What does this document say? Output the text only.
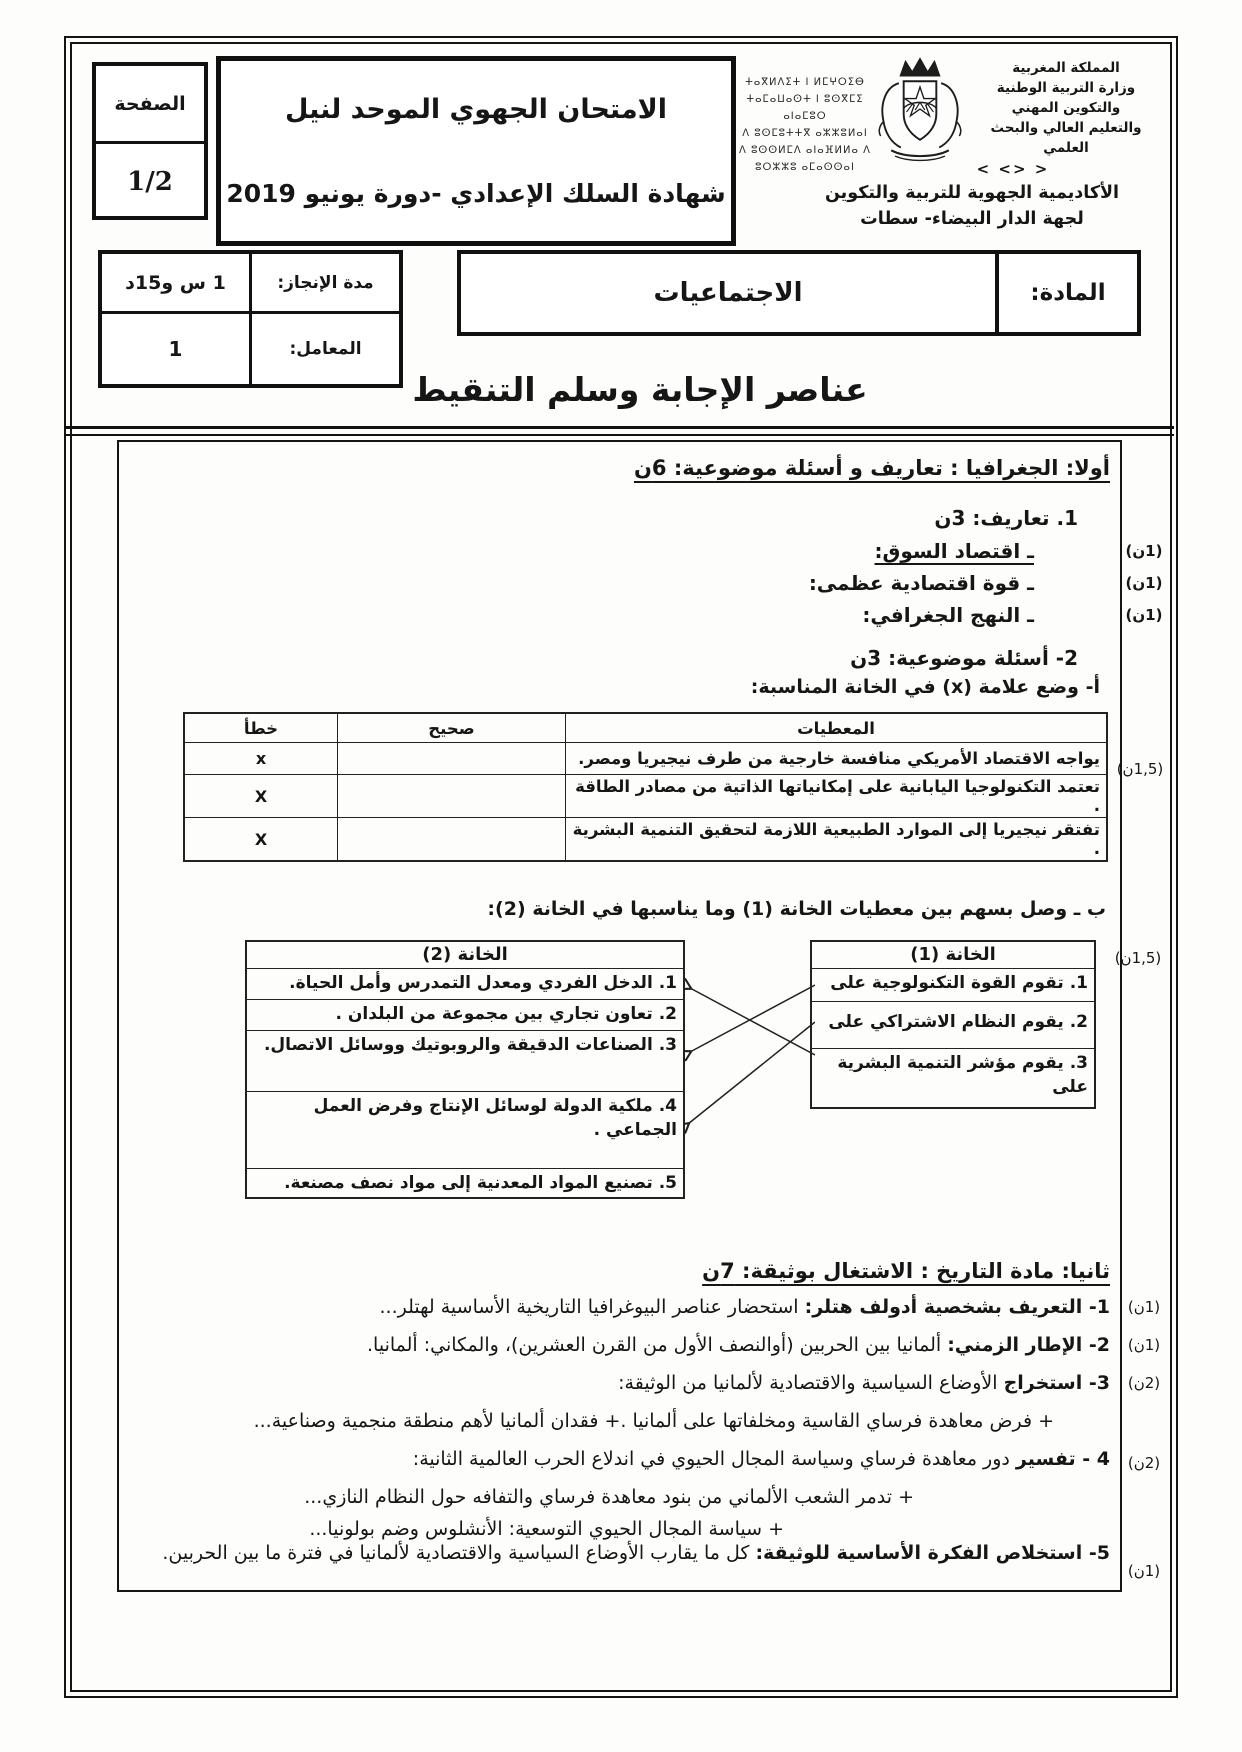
الصفحة
1/2
الامتحان الجهوي الموحد لنيل
شهادة السلك الإعدادي -دورة يونيو 2019
المملكة المغربية
وزارة التربية الوطنية
والتكوين المهني
والتعليم العالي والبحث العلمي
ⵜⴰⴳⵍⴷⵉⵜ ⵏ ⵍⵎⵖⵔⵉⴱ
ⵜⴰⵎⴰⵡⴰⵙⵜ ⵏ ⵓⵙⴳⵎⵉ ⴰⵏⴰⵎⵓⵔ
ⴷ ⵓⵙⵎⵓⵜⵜⴳ ⴰⵣⵣⵓⵍⴰⵏ
ⴷ ⵓⵙⵙⵍⵎⴷ ⴰⵏⴰⴼⵍⵍⴰ ⴷ ⵓⵔⵣⵣⵓ ⴰⵎⴰⵙⵙⴰⵏ	< <> >
الأكاديمية الجهوية للتربية والتكوين
لجهة الدار البيضاء- سطات
المادة:
الاجتماعيات
مدة الإنجاز:
1 س و15د
المعامل:
1
عناصر الإجابة وسلم التنقيط
أولا: الجغرافيا : تعاريف و أسئلة موضوعية: 6ن
1. تعاريف: 3ن
ـ اقتصاد السوق:	(ن1)
ـ قوة اقتصادية عظمى:	(ن1)
ـ النهج الجغرافي:	(ن1)
2- أسئلة موضوعية: 3ن
أ- وضع علامة (x) في الخانة المناسبة:
المعطيات	صحيح	خطأ
يواجه الاقتصاد الأمريكي منافسة خارجية من طرف نيجيريا ومصر.		x
تعتمد التكنولوجيا اليابانية على إمكانياتها الذاتية من مصادر الطاقة .		X
تفتقر نيجيريا إلى الموارد الطبيعية اللازمة لتحقيق التنمية البشرية .		X
(ن1,5)
ب ـ وصل بسهم بين معطيات الخانة (1) وما يناسبها في الخانة (2):
(ن1,5)
الخانة (1)
1. تقوم القوة التكنولوجية على
2. يقوم النظام الاشتراكي على
3. يقوم مؤشر التنمية البشرية على
الخانة (2)
1. الدخل الفردي ومعدل التمدرس وأمل الحياة.
2. تعاون تجاري بين مجموعة من البلدان .
3. الصناعات الدقيقة والروبوتيك ووسائل الاتصال.
4. ملكية الدولة لوسائل الإنتاج وفرض العمل الجماعي .
5. تصنيع المواد المعدنية إلى مواد نصف مصنعة.
ثانيا: مادة التاريخ : الاشتغال بوثيقة: 7ن
1- التعريف بشخصية أدولف هتلر: استحضار عناصر البيوغرافيا التاريخية الأساسية لهتلر...	(ن1)
2- الإطار الزمني: ألمانيا بين الحربين (أوالنصف الأول من القرن العشرين)، والمكاني: ألمانيا.	(ن1)
3- استخراج الأوضاع السياسية والاقتصادية لألمانيا من الوثيقة:	(ن2)
+ فرض معاهدة فرساي القاسية ومخلفاتها على ألمانيا .+ فقدان ألمانيا لأهم منطقة منجمية وصناعية...
4 - تفسير دور معاهدة فرساي وسياسة المجال الحيوي في اندلاع الحرب العالمية الثانية:	(ن2)
+ تدمر الشعب الألماني من بنود معاهدة فرساي والتفافه حول النظام النازي...
+ سياسة المجال الحيوي التوسعية: الأنشلوس وضم بولونيا...
5- استخلاص الفكرة الأساسية للوثيقة: كل ما يقارب الأوضاع السياسية والاقتصادية لألمانيا في فترة ما بين الحربين.
(ن1)
